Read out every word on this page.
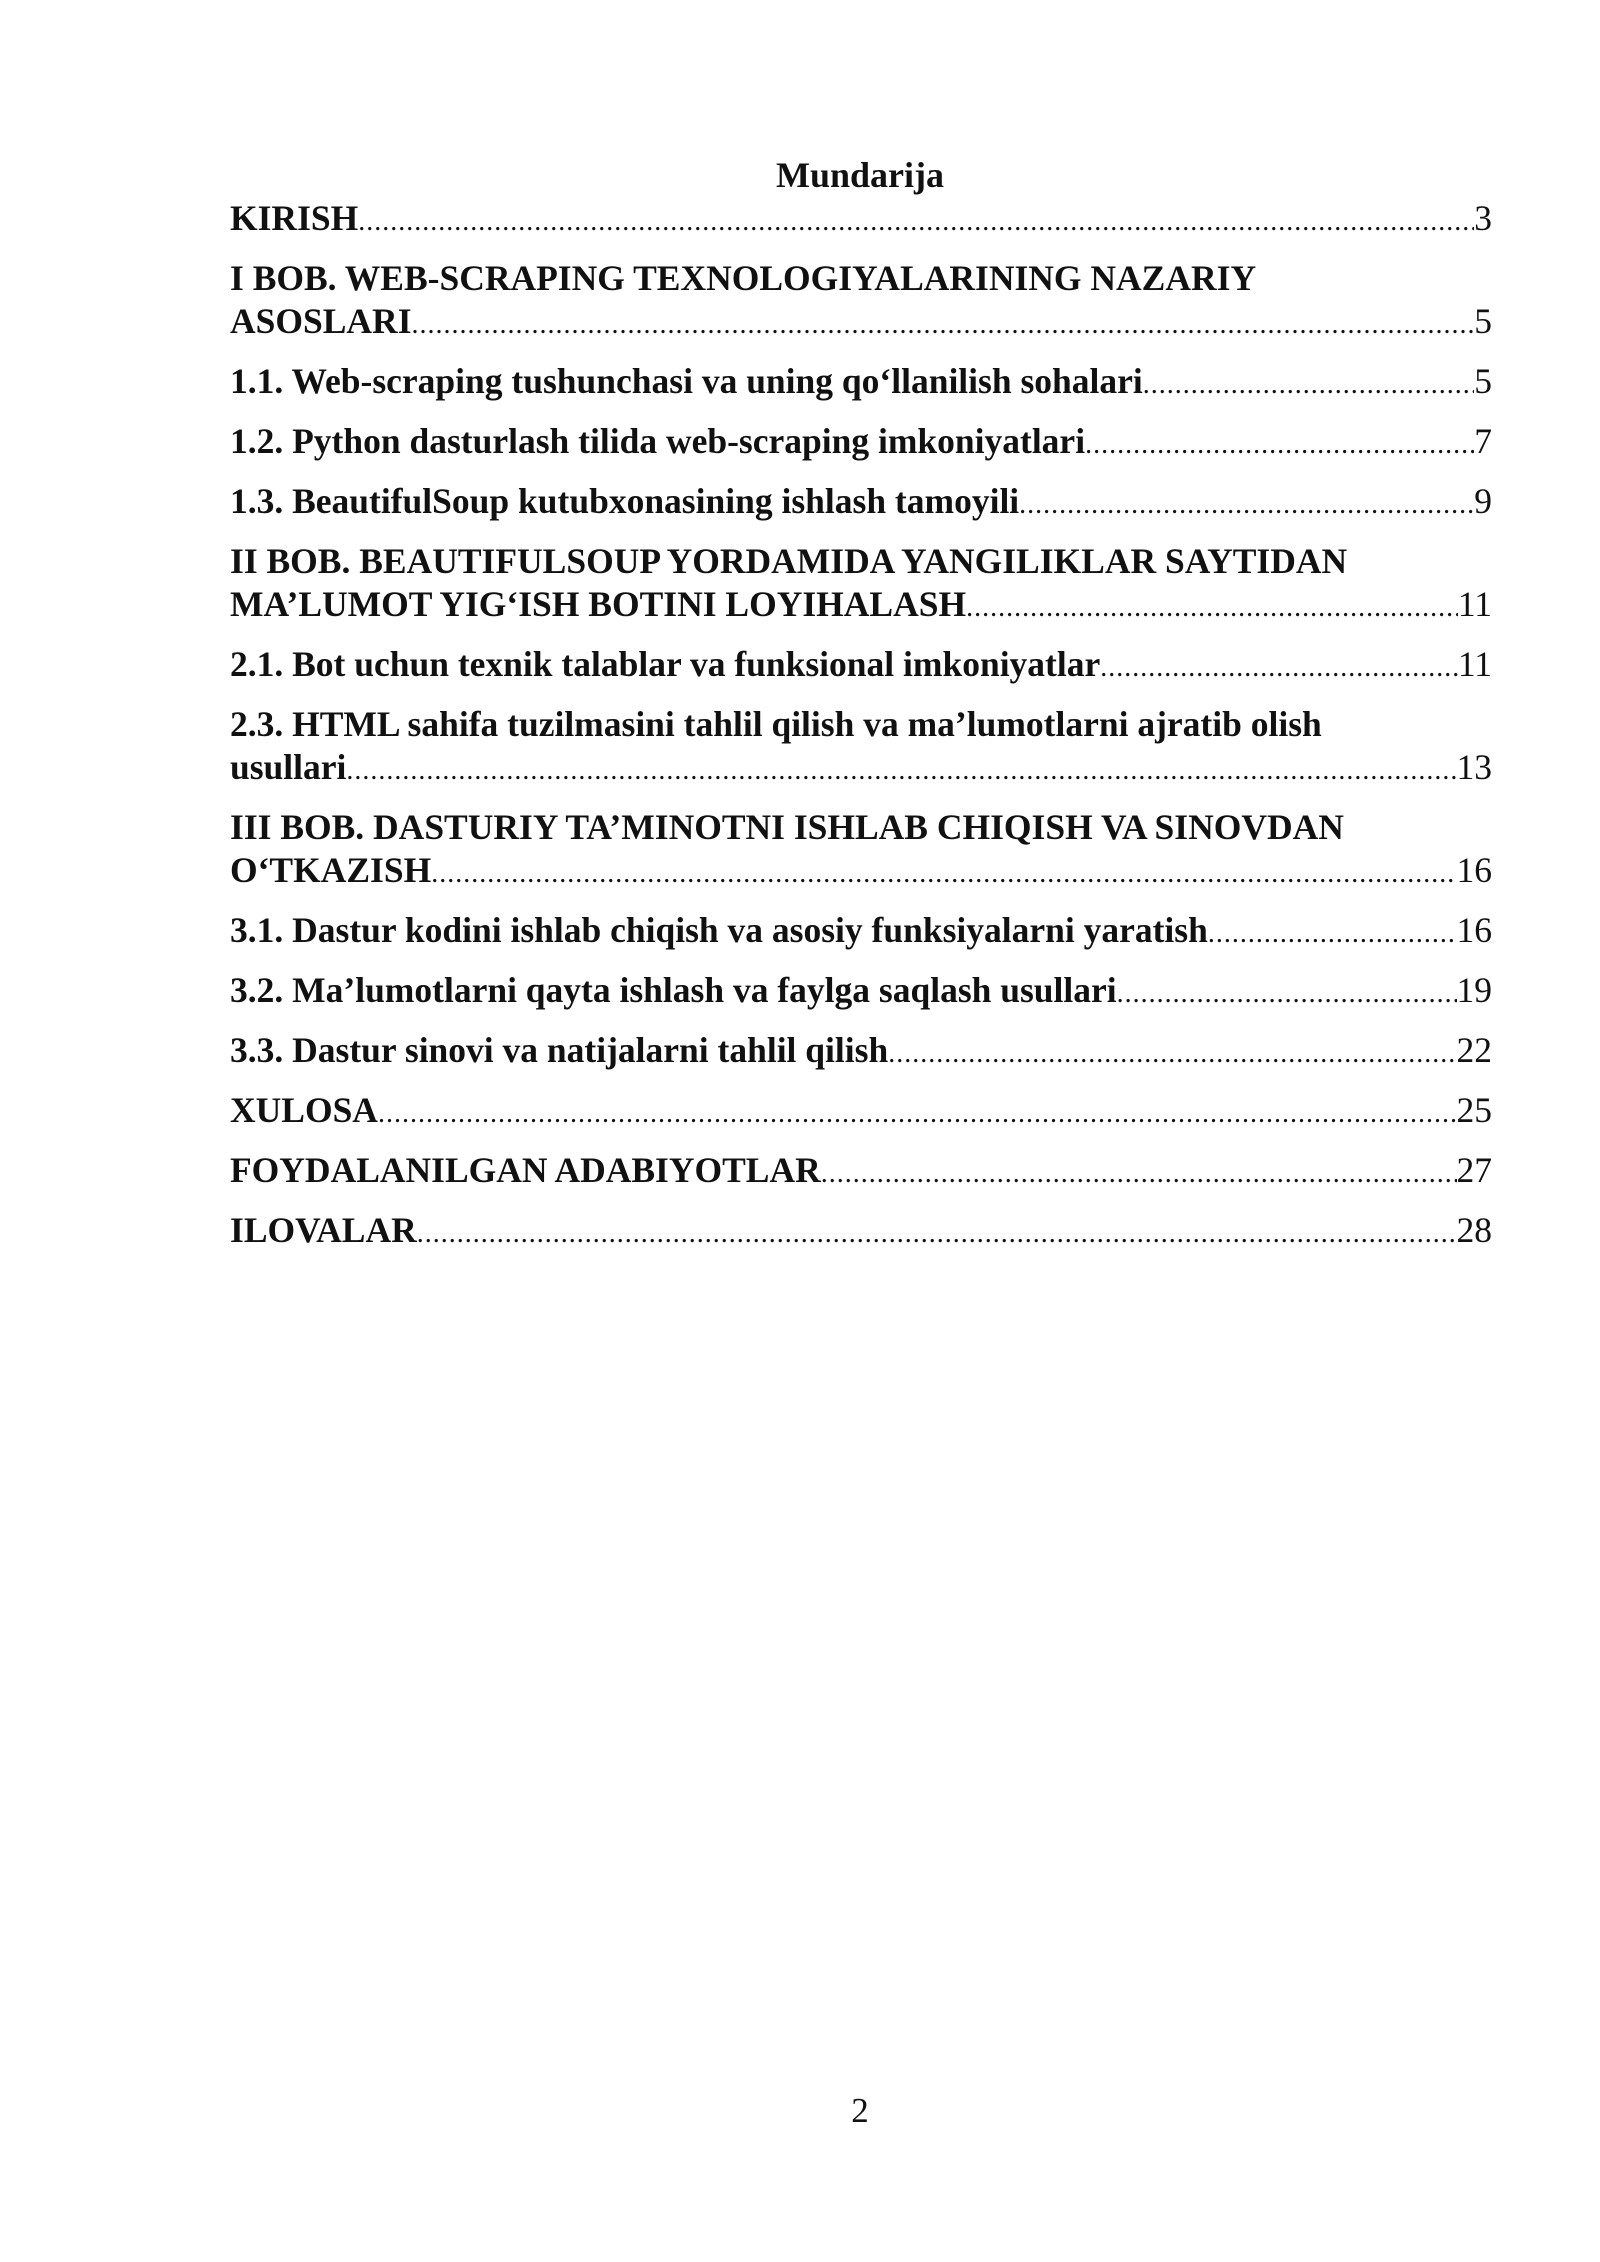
Mundarija
KIRISH .....	3
I BOB. WEB-SCRAPING TEXNOLOGIYALARINING NAZARIY
ASOSLARI .....	5
1.1. Web-scraping tushunchasi va uning qo‘llanilish sohalari .....	5
1.2. Python dasturlash tilida web-scraping imkoniyatlari .....	7
1.3. BeautifulSoup kutubxonasining ishlash tamoyili .....	9
II BOB. BEAUTIFULSOUP YORDAMIDA YANGILIKLAR SAYTIDAN
MA’LUMOT YIG‘ISH BOTINI LOYIHALASH .....	11
2.1. Bot uchun texnik talablar va funksional imkoniyatlar .....	11
2.3. HTML sahifa tuzilmasini tahlil qilish va ma’lumotlarni ajratib olish
usullari .....	13
III BOB. DASTURIY TA’MINOTNI ISHLAB CHIQISH VA SINOVDAN
O‘TKAZISH .....	16
3.1. Dastur kodini ishlab chiqish va asosiy funksiyalarni yaratish .....	16
3.2. Ma’lumotlarni qayta ishlash va faylga saqlash usullari .....	19
3.3. Dastur sinovi va natijalarni tahlil qilish .....	22
XULOSA .....	25
FOYDALANILGAN ADABIYOTLAR .....	27
ILOVALAR .....	28
2
